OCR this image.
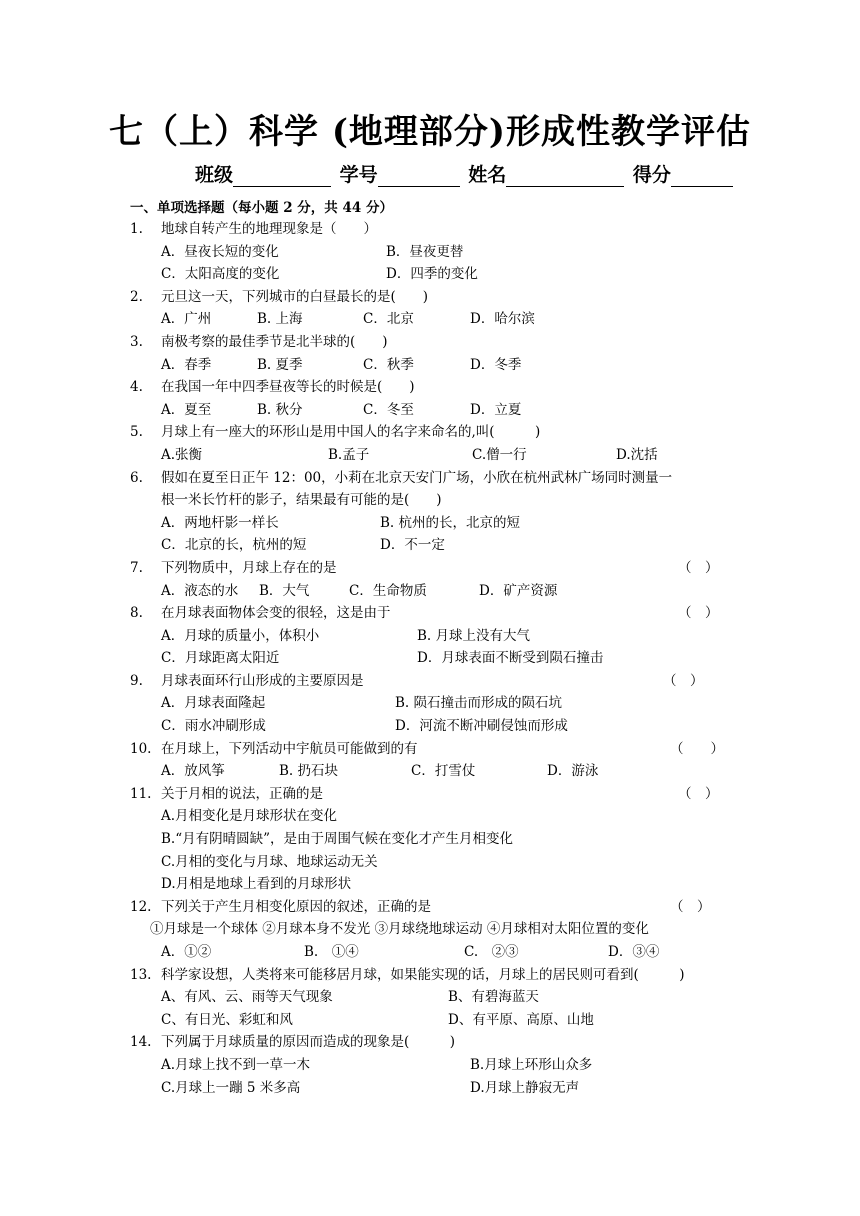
七（上）科学 (地理部分)形成性教学评估
班级	学号	姓名	得分
一、单项选择题（每小题 2 分，共 44 分）
1. 地球自转产生的地理现象是（　　）
A．昼夜长短的变化	B．昼夜更替
C．太阳高度的变化	D．四季的变化
2. 元旦这一天，下列城市的白昼最长的是(　　)
A．广州	B. 上海	C．北京	D．哈尔滨
3. 南极考察的最佳季节是北半球的(　　)
A．春季	B. 夏季	C．秋季	D．冬季
4. 在我国一年中四季昼夜等长的时候是(　　)
A．夏至	B. 秋分	C．冬至	D．立夏
5. 月球上有一座大的环形山是用中国人的名字来命名的,叫(　　　)
A.张衡	B.孟子	C.僧一行	D.沈括
6. 假如在夏至日正午 12：00，小莉在北京天安门广场，小欣在杭州武林广场同时测量一
根一米长竹杆的影子，结果最有可能的是(　　)
A．两地杆影一样长	B. 杭州的长，北京的短
C．北京的长，杭州的短	D．不一定
7. 下列物质中，月球上存在的是	（　）
A．液态的水 B．大气	C．生命物质	D．矿产资源
8. 在月球表面物体会变的很轻，这是由于	（　）
A．月球的质量小，体积小	B. 月球上没有大气
C．月球距离太阳近	D．月球表面不断受到陨石撞击
9. 月球表面环行山形成的主要原因是	（　）
A．月球表面隆起	B. 陨石撞击而形成的陨石坑
C．雨水冲刷形成	D．河流不断冲刷侵蚀而形成
10. 在月球上，下列活动中宇航员可能做到的有	（　　）
A．放风筝	B. 扔石块	C．打雪仗	D．游泳
11. 关于月相的说法，正确的是	（　）
A.月相变化是月球形状在变化
B.“月有阴晴圆缺”，是由于周围气候在变化才产生月相变化
C.月相的变化与月球、地球运动无关
D.月相是地球上看到的月球形状
12. 下列关于产生月相变化原因的叙述，正确的是	（　）
①月球是一个球体 ②月球本身不发光 ③月球绕地球运动 ④月球相对太阳位置的变化
A．①②	B.　①④	C.　②③	D．③④
13. 科学家设想，人类将来可能移居月球，如果能实现的话，月球上的居民则可看到(　　　)
A、有风、云、雨等天气现象	B、有碧海蓝天
C、有日光、彩虹和风	D、有平原、高原、山地
14. 下列属于月球质量的原因而造成的现象是(　　　)
A.月球上找不到一草一木	B.月球上环形山众多
C.月球上一蹦 5 米多高	D.月球上静寂无声
